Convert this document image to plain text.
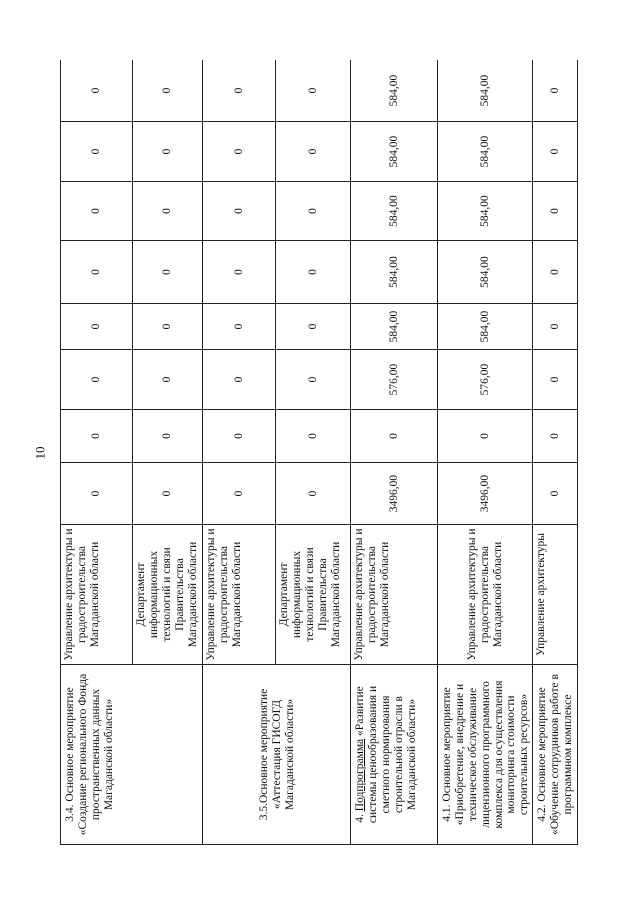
10
3.4. Основное мероприятие «Создание регионального Фонда пространственных данных Магаданской области»	Управление архитектуры и градостроительства Магаданской области	0	0	0	0	0	0	0	0
	Департамент информационных технологий и связи Правительства Магаданской области	0	0	0	0	0	0	0	0
3.5.Основное мероприятие «Аттестация ГИСОГД Магаданской области»	Управление архитектуры и градостроительства Магаданской области	0	0	0	0	0	0	0	0
	Департамент информационных технологий и связи Правительства Магаданской области	0	0	0	0	0	0	0	0
4. Подпрограмма «Развитие системы ценообразования и сметного нормирования строительной отрасли в Магаданской области»	Управление архитектуры и градостроительства Магаданской области	3496,00	0	576,00	584,00	584,00	584,00	584,00	584,00
4.1. Основное мероприятие «Приобретение, внедрение и техническое обслуживание лицензионного программного комплекса для осуществления мониторинга стоимости строительных ресурсов»	Управление архитектуры и градостроительства Магаданской области	3496,00	0	576,00	584,00	584,00	584,00	584,00	584,00
4.2. Основное мероприятие «Обучение сотрудников работе в программном комплексе	Управление архитектуры	0	0	0	0	0	0	0	0
